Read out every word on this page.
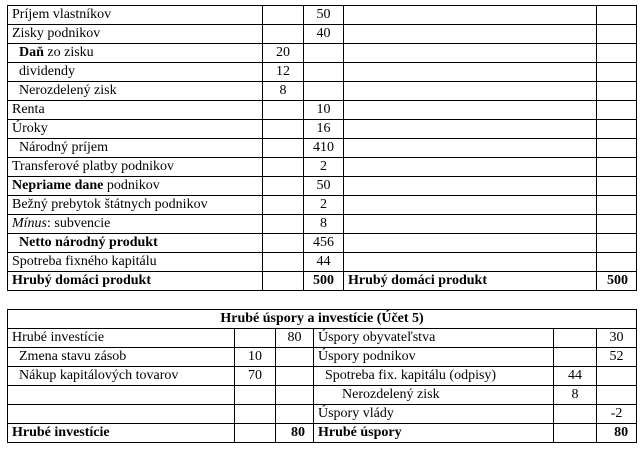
Príjem vlastníkov		50		
Zisky podnikov		40		
Daň zo zisku	20			
dividendy	12			
Nerozdelený zisk	8			
Renta		10		
Úroky		16		
Národný príjem		410		
Transferové platby podnikov		2		
Nepriame dane podnikov		50		
Bežný prebytok štátnych podnikov		2		
Mínus: subvencie		8		
Netto národný produkt		456		
Spotreba fixného kapitálu		44		
Hrubý domáci produkt		500	Hrubý domáci produkt	500
Hrubé úspory a investície (Účet 5)					
Hrubé investície		80	Úspory obyvateľstva		30
Zmena stavu zásob	10		Úspory podnikov		52
Nákup kapitálových tovarov	70		Spotreba fix. kapitálu (odpisy)	44	
			Nerozdelený zisk	8	
			Úspory vlády		-2
Hrubé investície		80	Hrubé úspory		80
